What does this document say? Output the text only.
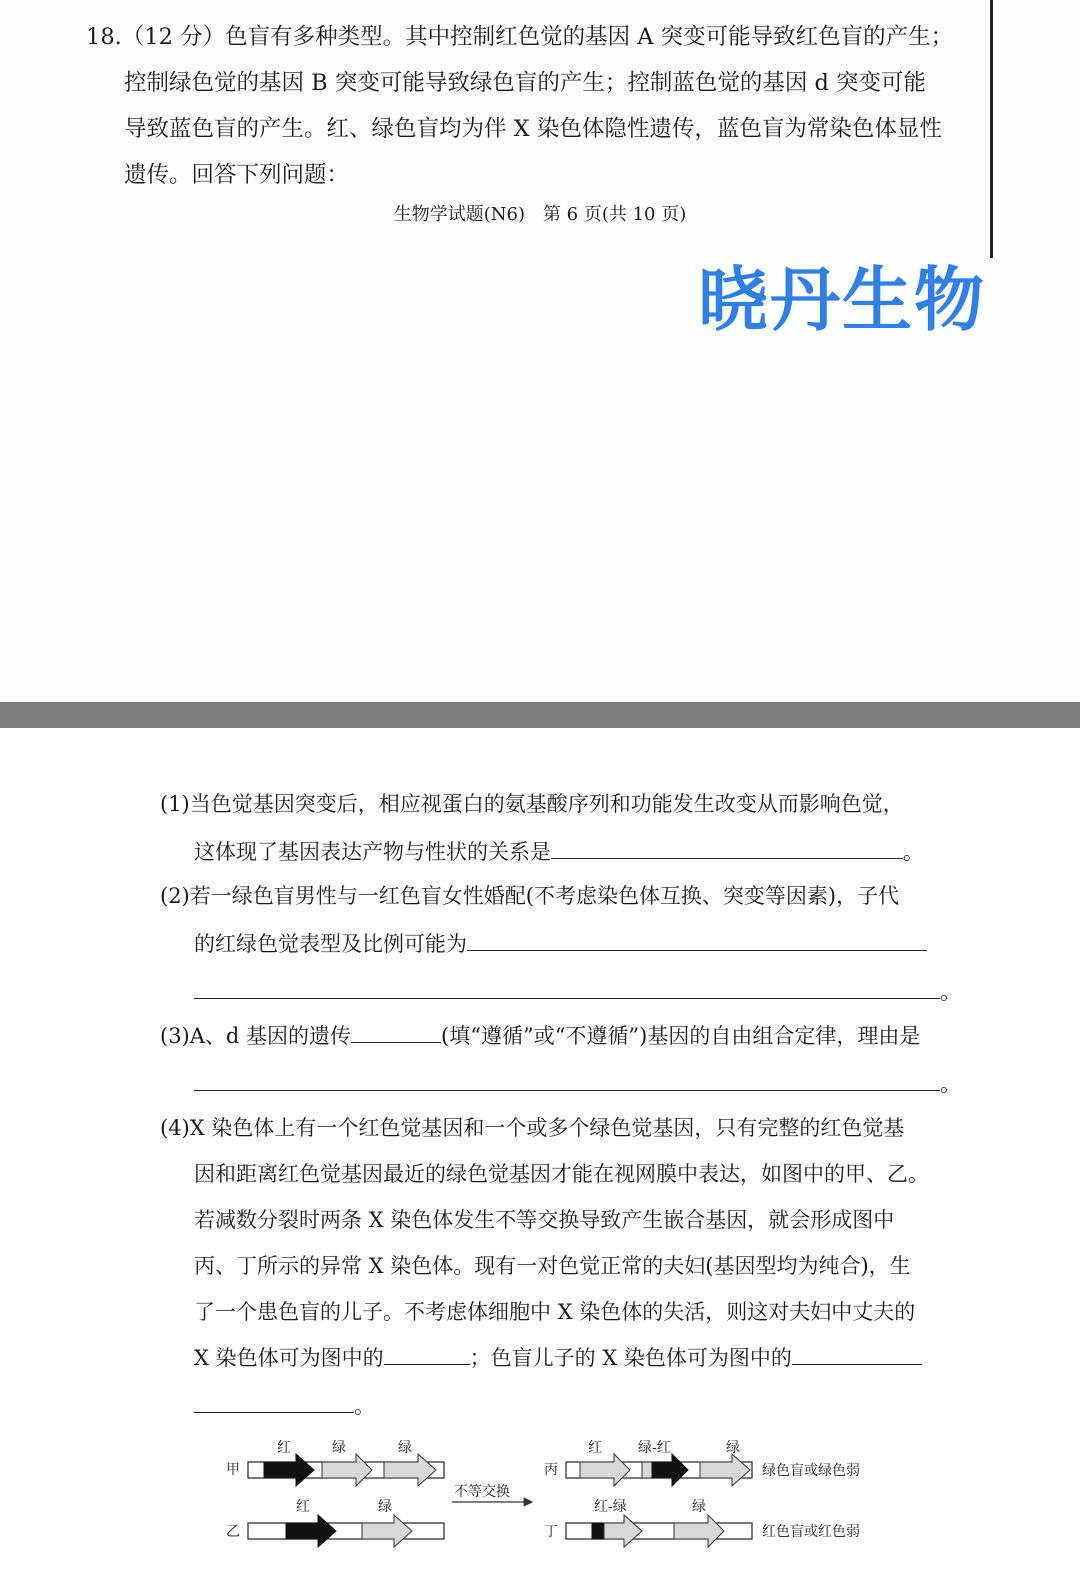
18.（12 分）色盲有多种类型。其中控制红色觉的基因 A 突变可能导致红色盲的产生；
控制绿色觉的基因 B 突变可能导致绿色盲的产生；控制蓝色觉的基因 d 突变可能
导致蓝色盲的产生。红、绿色盲均为伴 X 染色体隐性遗传，蓝色盲为常染色体显性
遗传。回答下列问题：
生物学试题(N6)　第 6 页(共 10 页)
晓丹生物
(1)当色觉基因突变后，相应视蛋白的氨基酸序列和功能发生改变从而影响色觉，
这体现了基因表达产物与性状的关系是	。
(2)若一绿色盲男性与一红色盲女性婚配(不考虑染色体互换、突变等因素)，子代
的红绿色觉表型及比例可能为
。
(3)A、d 基因的遗传	(填“遵循”或“不遵循”)基因的自由组合定律，理由是
。
(4)X 染色体上有一个红色觉基因和一个或多个绿色觉基因，只有完整的红色觉基
因和距离红色觉基因最近的绿色觉基因才能在视网膜中表达，如图中的甲、乙。
若减数分裂时两条 X 染色体发生不等交换导致产生嵌合基因，就会形成图中
丙、丁所示的异常 X 染色体。现有一对色觉正常的夫妇(基因型均为纯合)，生
了一个患色盲的儿子。不考虑体细胞中 X 染色体的失活，则这对夫妇中丈夫的
X 染色体可为图中的	；色盲儿子的 X 染色体可为图中的
。
甲
红	绿	绿
乙
红	绿
不等交换
丙
红	绿-红	绿
绿色盲或绿色弱
丁
红-绿	绿
红色盲或红色弱
